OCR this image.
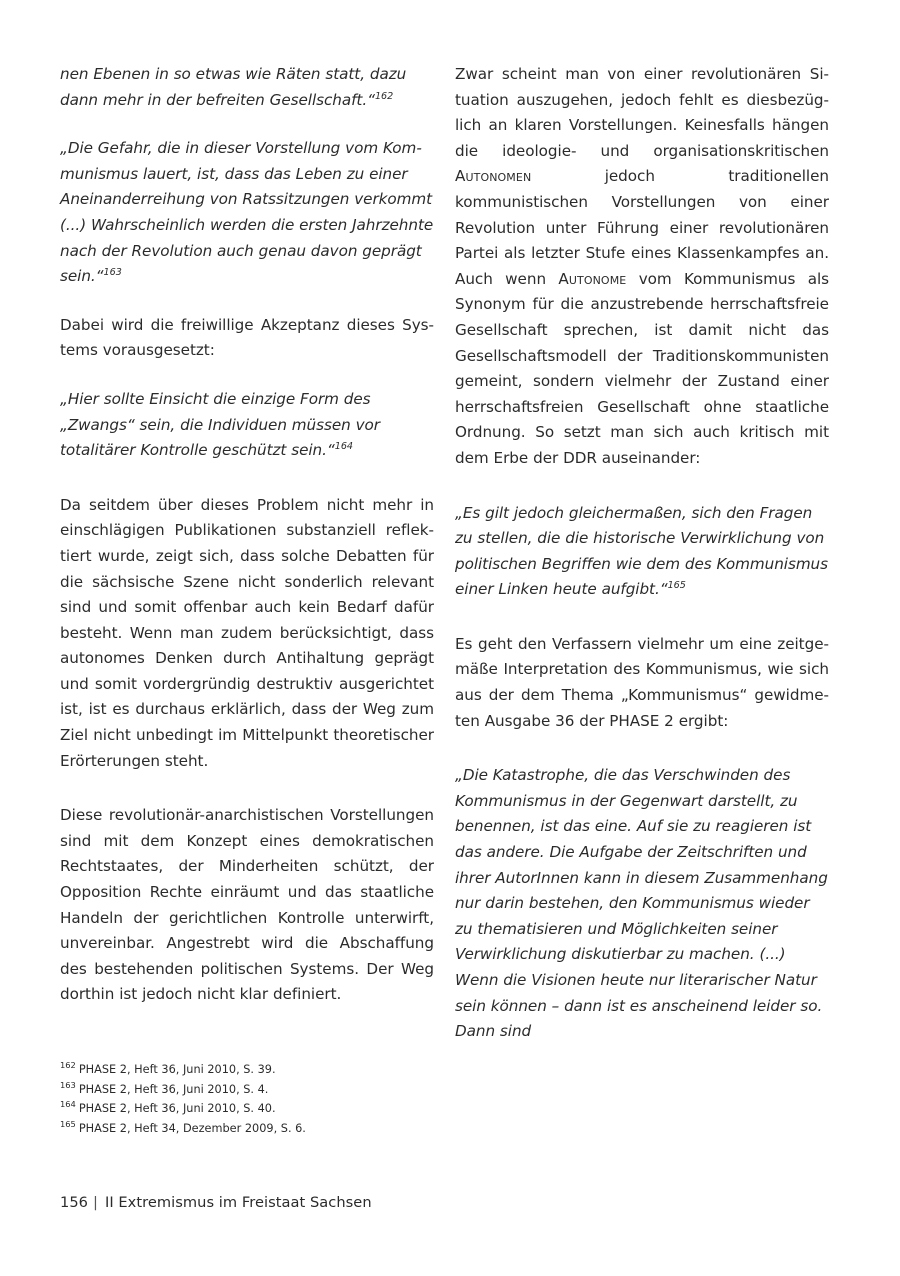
nen Ebenen in so etwas wie Räten statt, dazu dann mehr in der befreiten Gesellschaft.“$^{162}$

„Die Gefahr, die in dieser Vorstellung vom Kommunismus lauert, ist, dass das Leben zu einer Aneinanderreihung von Ratssitzungen verkommt (...) Wahrscheinlich werden die ersten Jahrzehnte nach der Revolution auch genau davon geprägt sein.“$^{163}$

Dabei wird die freiwillige Akzeptanz dieses Systems vorausgesetzt:

„Hier sollte Einsicht die einzige Form des „Zwangs“ sein, die Individuen müssen vor totalitärer Kontrolle geschützt sein.“$^{164}$

Da seitdem über dieses Problem nicht mehr in einschlägigen Publikationen substanziell reflektiert wurde, zeigt sich, dass solche Debatten für die sächsische Szene nicht sonderlich relevant sind und somit offenbar auch kein Bedarf dafür besteht. Wenn man zudem berücksichtigt, dass autonomes Denken durch Antihaltung geprägt und somit vordergründig destruktiv ausgerichtet ist, ist es durchaus erklärlich, dass der Weg zum Ziel nicht unbedingt im Mittelpunkt theoretischer Erörterungen steht.

Diese revolutionär-anarchistischen Vorstellungen sind mit dem Konzept eines demokratischen Rechtstaates, der Minderheiten schützt, der Opposition Rechte einräumt und das staatliche Handeln der gerichtlichen Kontrolle unterwirft, unvereinbar. Angestrebt wird die Abschaffung des bestehenden politischen Systems. Der Weg dorthin ist jedoch nicht klar definiert.

Zwar scheint man von einer revolutionären Situation auszugehen, jedoch fehlt es diesbezüglich an klaren Vorstellungen. Keinesfalls hängen die ideologie- und organisationskritischen Autonomen jedoch traditionellen kommunistischen Vorstellungen von einer Revolution unter Führung einer revolutionären Partei als letzter Stufe eines Klassenkampfes an. Auch wenn Autonome vom Kommunismus als Synonym für die anzustrebende herrschaftsfreie Gesellschaft sprechen, ist damit nicht das Gesellschaftsmodell der Traditionskommunisten gemeint, sondern vielmehr der Zustand einer herrschaftsfreien Gesellschaft ohne staatliche Ordnung. So setzt man sich auch kritisch mit dem Erbe der DDR auseinander:

„Es gilt jedoch gleichermaßen, sich den Fragen zu stellen, die die historische Verwirklichung von politischen Begriffen wie dem des Kommunismus einer Linken heute aufgibt.“$^{165}$

Es geht den Verfassern vielmehr um eine zeitgemäße Interpretation des Kommunismus, wie sich aus der dem Thema „Kommunismus“ gewidmeten Ausgabe 36 der PHASE 2 ergibt:

„Die Katastrophe, die das Verschwinden des Kommunismus in der Gegenwart darstellt, zu benennen, ist das eine. Auf sie zu reagieren ist das andere. Die Aufgabe der Zeitschriften und ihrer AutorInnen kann in diesem Zusammenhang nur darin bestehen, den Kommunismus wieder zu thematisieren und Möglichkeiten seiner Verwirklichung diskutierbar zu machen. (...) Wenn die Visionen heute nur literarischer Natur sein können – dann ist es anscheinend leider so. Dann sind

$^{162}$ PHASE 2, Heft 36, Juni 2010, S. 39.
$^{163}$ PHASE 2, Heft 36, Juni 2010, S. 4.
$^{164}$ PHASE 2, Heft 36, Juni 2010, S. 40.
$^{165}$ PHASE 2, Heft 34, Dezember 2009, S. 6.
156 | II Extremismus im Freistaat Sachsen
